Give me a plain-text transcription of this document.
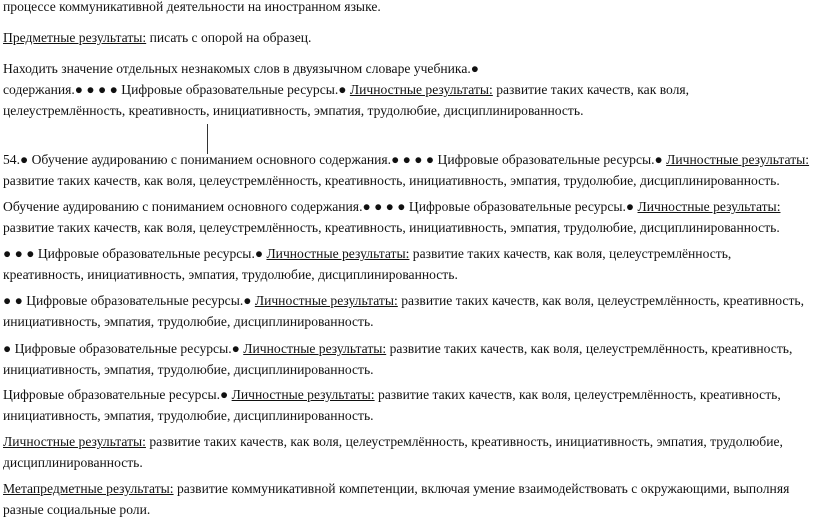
процессе коммуникативной деятельности на иностранном языке.

Предметные результаты: писать с опорой на образец.

Находить значение отдельных незнакомых слов в двуязычном словаре учебника.●
содержания.● ● ● ● Цифровые образовательные ресурсы.● Личностные результаты: развитие таких качеств, как воля, целеустремлённость, креативность, инициативность, эмпатия, трудолюбие, дисциплинированность.

54.● Обучение аудированию с пониманием основного содержания.● ● ● ● Цифровые образовательные ресурсы.● Личностные результаты: развитие таких качеств, как воля, целеустремлённость, креативность, инициативность, эмпатия, трудолюбие, дисциплинированность.

Обучение аудированию с пониманием основного содержания.● ● ● ● Цифровые образовательные ресурсы.● Личностные результаты: развитие таких качеств, как воля, целеустремлённость, креативность, инициативность, эмпатия, трудолюбие, дисциплинированность.

● ● ● Цифровые образовательные ресурсы.● Личностные результаты: развитие таких качеств, как воля, целеустремлённость, креативность, инициативность, эмпатия, трудолюбие, дисциплинированность.

● ● Цифровые образовательные ресурсы.● Личностные результаты: развитие таких качеств, как воля, целеустремлённость, креативность, инициативность, эмпатия, трудолюбие, дисциплинированность.

● Цифровые образовательные ресурсы.● Личностные результаты: развитие таких качеств, как воля, целеустремлённость, креативность, инициативность, эмпатия, трудолюбие, дисциплинированность.

Цифровые образовательные ресурсы.● Личностные результаты: развитие таких качеств, как воля, целеустремлённость, креативность, инициативность, эмпатия, трудолюбие, дисциплинированность.

Личностные результаты: развитие таких качеств, как воля, целеустремлённость, креативность, инициативность, эмпатия, трудолюбие, дисциплинированность.

Метапредметные результаты: развитие коммуникативной компетенции, включая умение взаимодействовать с окружающими, выполняя разные социальные роли.
